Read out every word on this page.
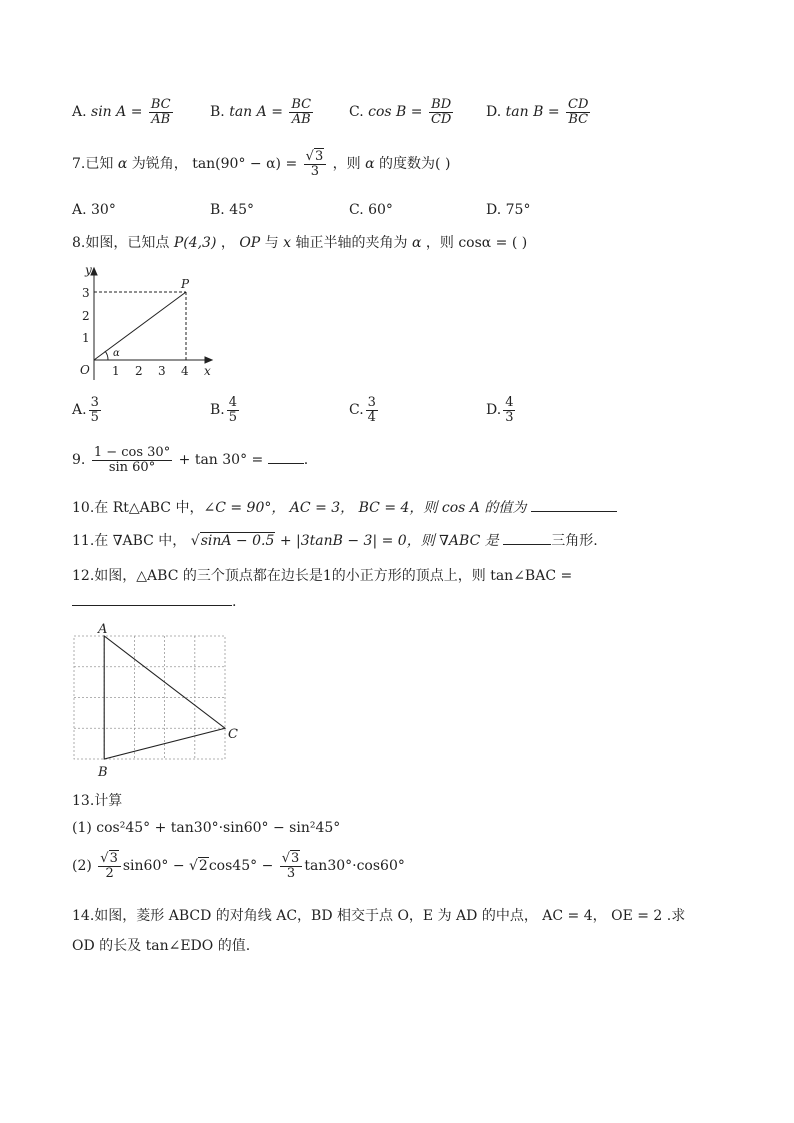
A. $\sin A = \frac{BC}{AB}$	B. $\tan A = \frac{BC}{AB}$	C. $\cos B = \frac{BD}{CD} D$. $\tan B = \frac{CD}{BC}$
7.已知 α 为锐角， $\tan(90^\circ - \alpha) = \frac{√3}{3}$ ，则 α 的度数为( )
A. 30°	B. 45°	C. 60°	D. 75°
8.如图，已知点 P(4,3) ， OP 与 x 轴正半轴的夹角为 α ，则 cosα = ( )
y
x
O
P
α
1 2 3 4
1
2
3
A. $\frac{3}{5}$	B. $\frac{4}{5}$	C. $\frac{3}{4}$	D. $\frac{4}{3}$
9. $\frac{1 - \cos 30^\circ}{\sin 60^\circ} + \tan 30^\circ$ =	.
10.在 Rt△ABC 中，∠C = 90°， AC = 3， BC = 4，则 cos A 的值为
11.在 ∇ABC 中， √sinA − 0.5 + |3tanB − 3| = 0，则 ∇ABC 是	三角形.
12.如图，△ABC 的三个顶点都在边长是1的小正方形的顶点上，则 tan∠BAC =
.
A
B
C
13.计算
(1) cos²45° + tan30°·sin60° − sin²45°
$(2) \frac{√3}{2} \sin 60^\circ - √2\cos 45^\circ - \frac{√3}{3} \tan 30^\circ\cdot\cos 60^\circ$
14.如图，菱形 ABCD 的对角线 AC，BD 相交于点 O，E 为 AD 的中点， AC = 4， OE = 2 .求
OD 的长及 tan∠EDO 的值.
